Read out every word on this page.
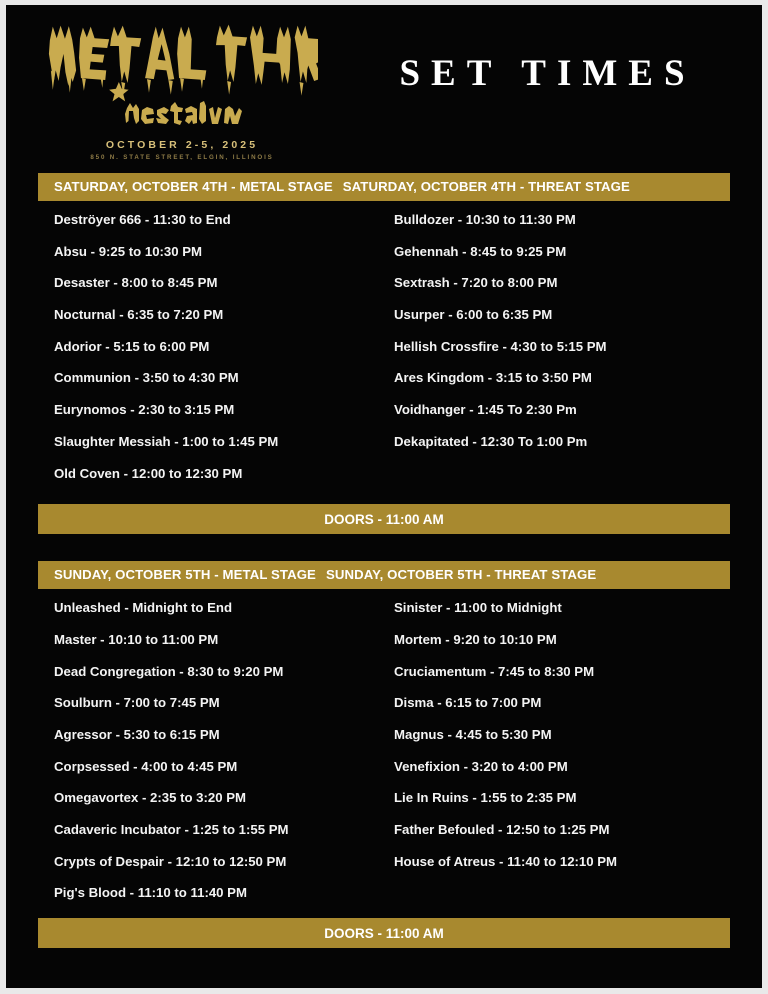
OCTOBER 2-5, 2025
850 N. STATE STREET, ELGIN, ILLINOIS
SET TIMES
SATURDAY, OCTOBER 4TH - METAL STAGE SATURDAY, OCTOBER 4TH - THREAT STAGE
Deströyer 666 - 11:30 to End
Absu - 9:25 to 10:30 PM
Desaster - 8:00 to 8:45 PM
Nocturnal - 6:35 to 7:20 PM
Adorior - 5:15 to 6:00 PM
Communion - 3:50 to 4:30 PM
Eurynomos - 2:30 to 3:15 PM
Slaughter Messiah - 1:00 to 1:45 PM
Old Coven - 12:00 to 12:30 PM
Bulldozer - 10:30 to 11:30 PM
Gehennah - 8:45 to 9:25 PM
Sextrash - 7:20 to 8:00 PM
Usurper - 6:00 to 6:35 PM
Hellish Crossfire - 4:30 to 5:15 PM
Ares Kingdom - 3:15 to 3:50 PM
Voidhanger - 1:45 To 2:30 Pm
Dekapitated - 12:30 To 1:00 Pm
DOORS - 11:00 AM
SUNDAY, OCTOBER 5TH - METAL STAGE SUNDAY, OCTOBER 5TH - THREAT STAGE
Unleashed - Midnight to End
Master - 10:10 to 11:00 PM
Dead Congregation - 8:30 to 9:20 PM
Soulburn - 7:00 to 7:45 PM
Agressor - 5:30 to 6:15 PM
Corpsessed - 4:00 to 4:45 PM
Omegavortex - 2:35 to 3:20 PM
Cadaveric Incubator - 1:25 to 1:55 PM
Crypts of Despair - 12:10 to 12:50 PM
Pig's Blood - 11:10 to 11:40 PM
Sinister - 11:00 to Midnight
Mortem - 9:20 to 10:10 PM
Cruciamentum - 7:45 to 8:30 PM
Disma - 6:15 to 7:00 PM
Magnus - 4:45 to 5:30 PM
Venefixion - 3:20 to 4:00 PM
Lie In Ruins - 1:55 to 2:35 PM
Father Befouled - 12:50 to 1:25 PM
House of Atreus - 11:40 to 12:10 PM
DOORS - 11:00 AM
